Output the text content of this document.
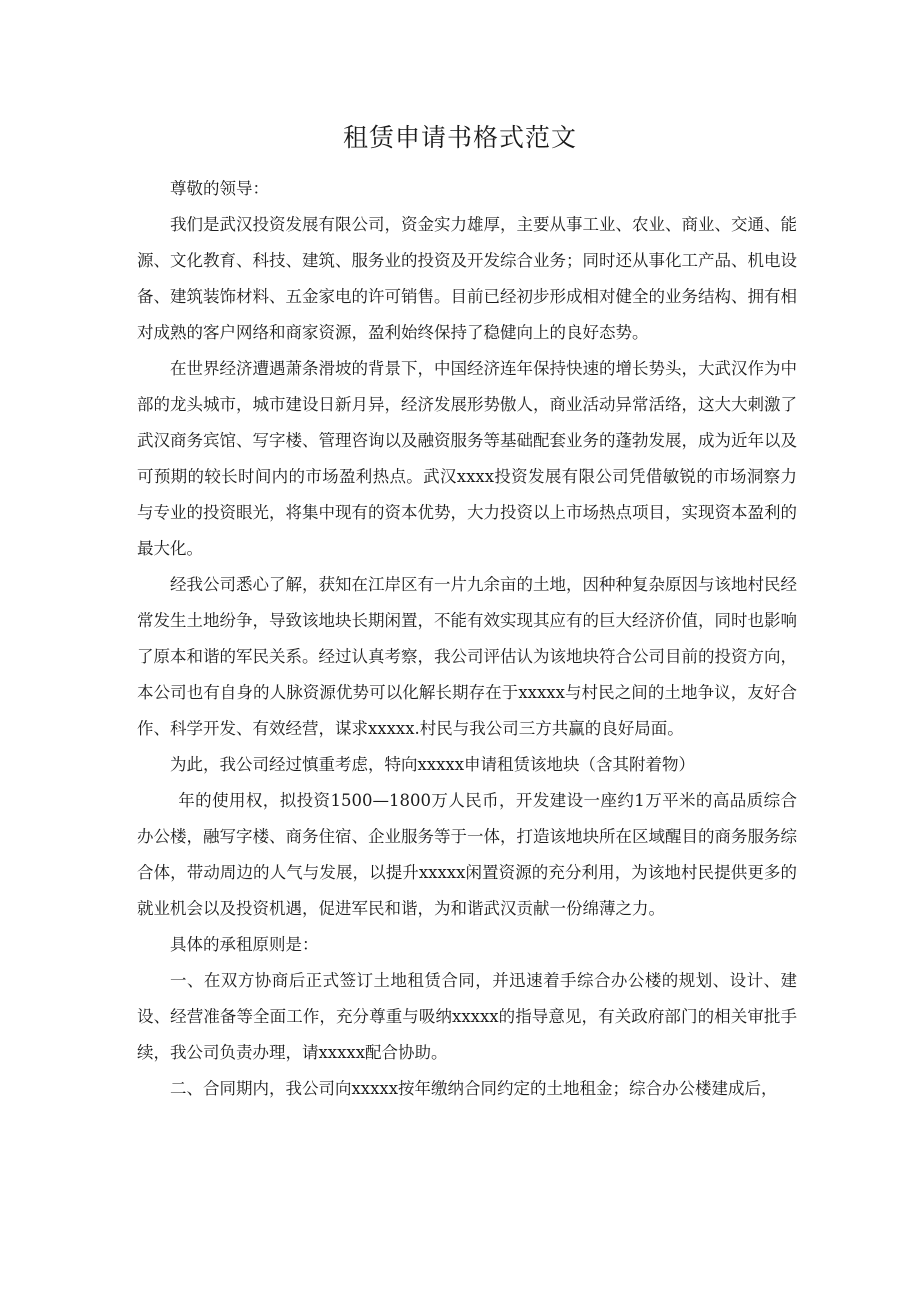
租赁申请书格式范文

尊敬的领导：

我们是武汉投资发展有限公司，资金实力雄厚，主要从事工业、农业、商业、交通、能源、文化教育、科技、建筑、服务业的投资及开发综合业务；同时还从事化工产品、机电设备、建筑装饰材料、五金家电的许可销售。目前已经初步形成相对健全的业务结构、拥有相对成熟的客户网络和商家资源，盈利始终保持了稳健向上的良好态势。

在世界经济遭遇萧条滑坡的背景下，中国经济连年保持快速的增长势头，大武汉作为中部的龙头城市，城市建设日新月异，经济发展形势傲人，商业活动异常活络，这大大刺激了武汉商务宾馆、写字楼、管理咨询以及融资服务等基础配套业务的蓬勃发展，成为近年以及可预期的较长时间内的市场盈利热点。武汉xxxx投资发展有限公司凭借敏锐的市场洞察力与专业的投资眼光，将集中现有的资本优势，大力投资以上市场热点项目，实现资本盈利的最大化。

经我公司悉心了解，获知在江岸区有一片九余亩的土地，因种种复杂原因与该地村民经常发生土地纷争，导致该地块长期闲置，不能有效实现其应有的巨大经济价值，同时也影响了原本和谐的军民关系。经过认真考察，我公司评估认为该地块符合公司目前的投资方向，本公司也有自身的人脉资源优势可以化解长期存在于xxxxx与村民之间的土地争议，友好合作、科学开发、有效经营，谋求xxxxx.村民与我公司三方共赢的良好局面。

为此，我公司经过慎重考虑，特向xxxxx申请租赁该地块（含其附着物）

年的使用权，拟投资1500—1800万人民币，开发建设一座约1万平米的高品质综合办公楼，融写字楼、商务住宿、企业服务等于一体，打造该地块所在区域醒目的商务服务综合体，带动周边的人气与发展，以提升xxxxx闲置资源的充分利用，为该地村民提供更多的就业机会以及投资机遇，促进军民和谐，为和谐武汉贡献一份绵薄之力。

具体的承租原则是：

一、在双方协商后正式签订土地租赁合同，并迅速着手综合办公楼的规划、设计、建设、经营准备等全面工作，充分尊重与吸纳xxxxx的指导意见，有关政府部门的相关审批手续，我公司负责办理，请xxxxx配合协助。

二、合同期内，我公司向xxxxx按年缴纳合同约定的土地租金；综合办公楼建成后，
